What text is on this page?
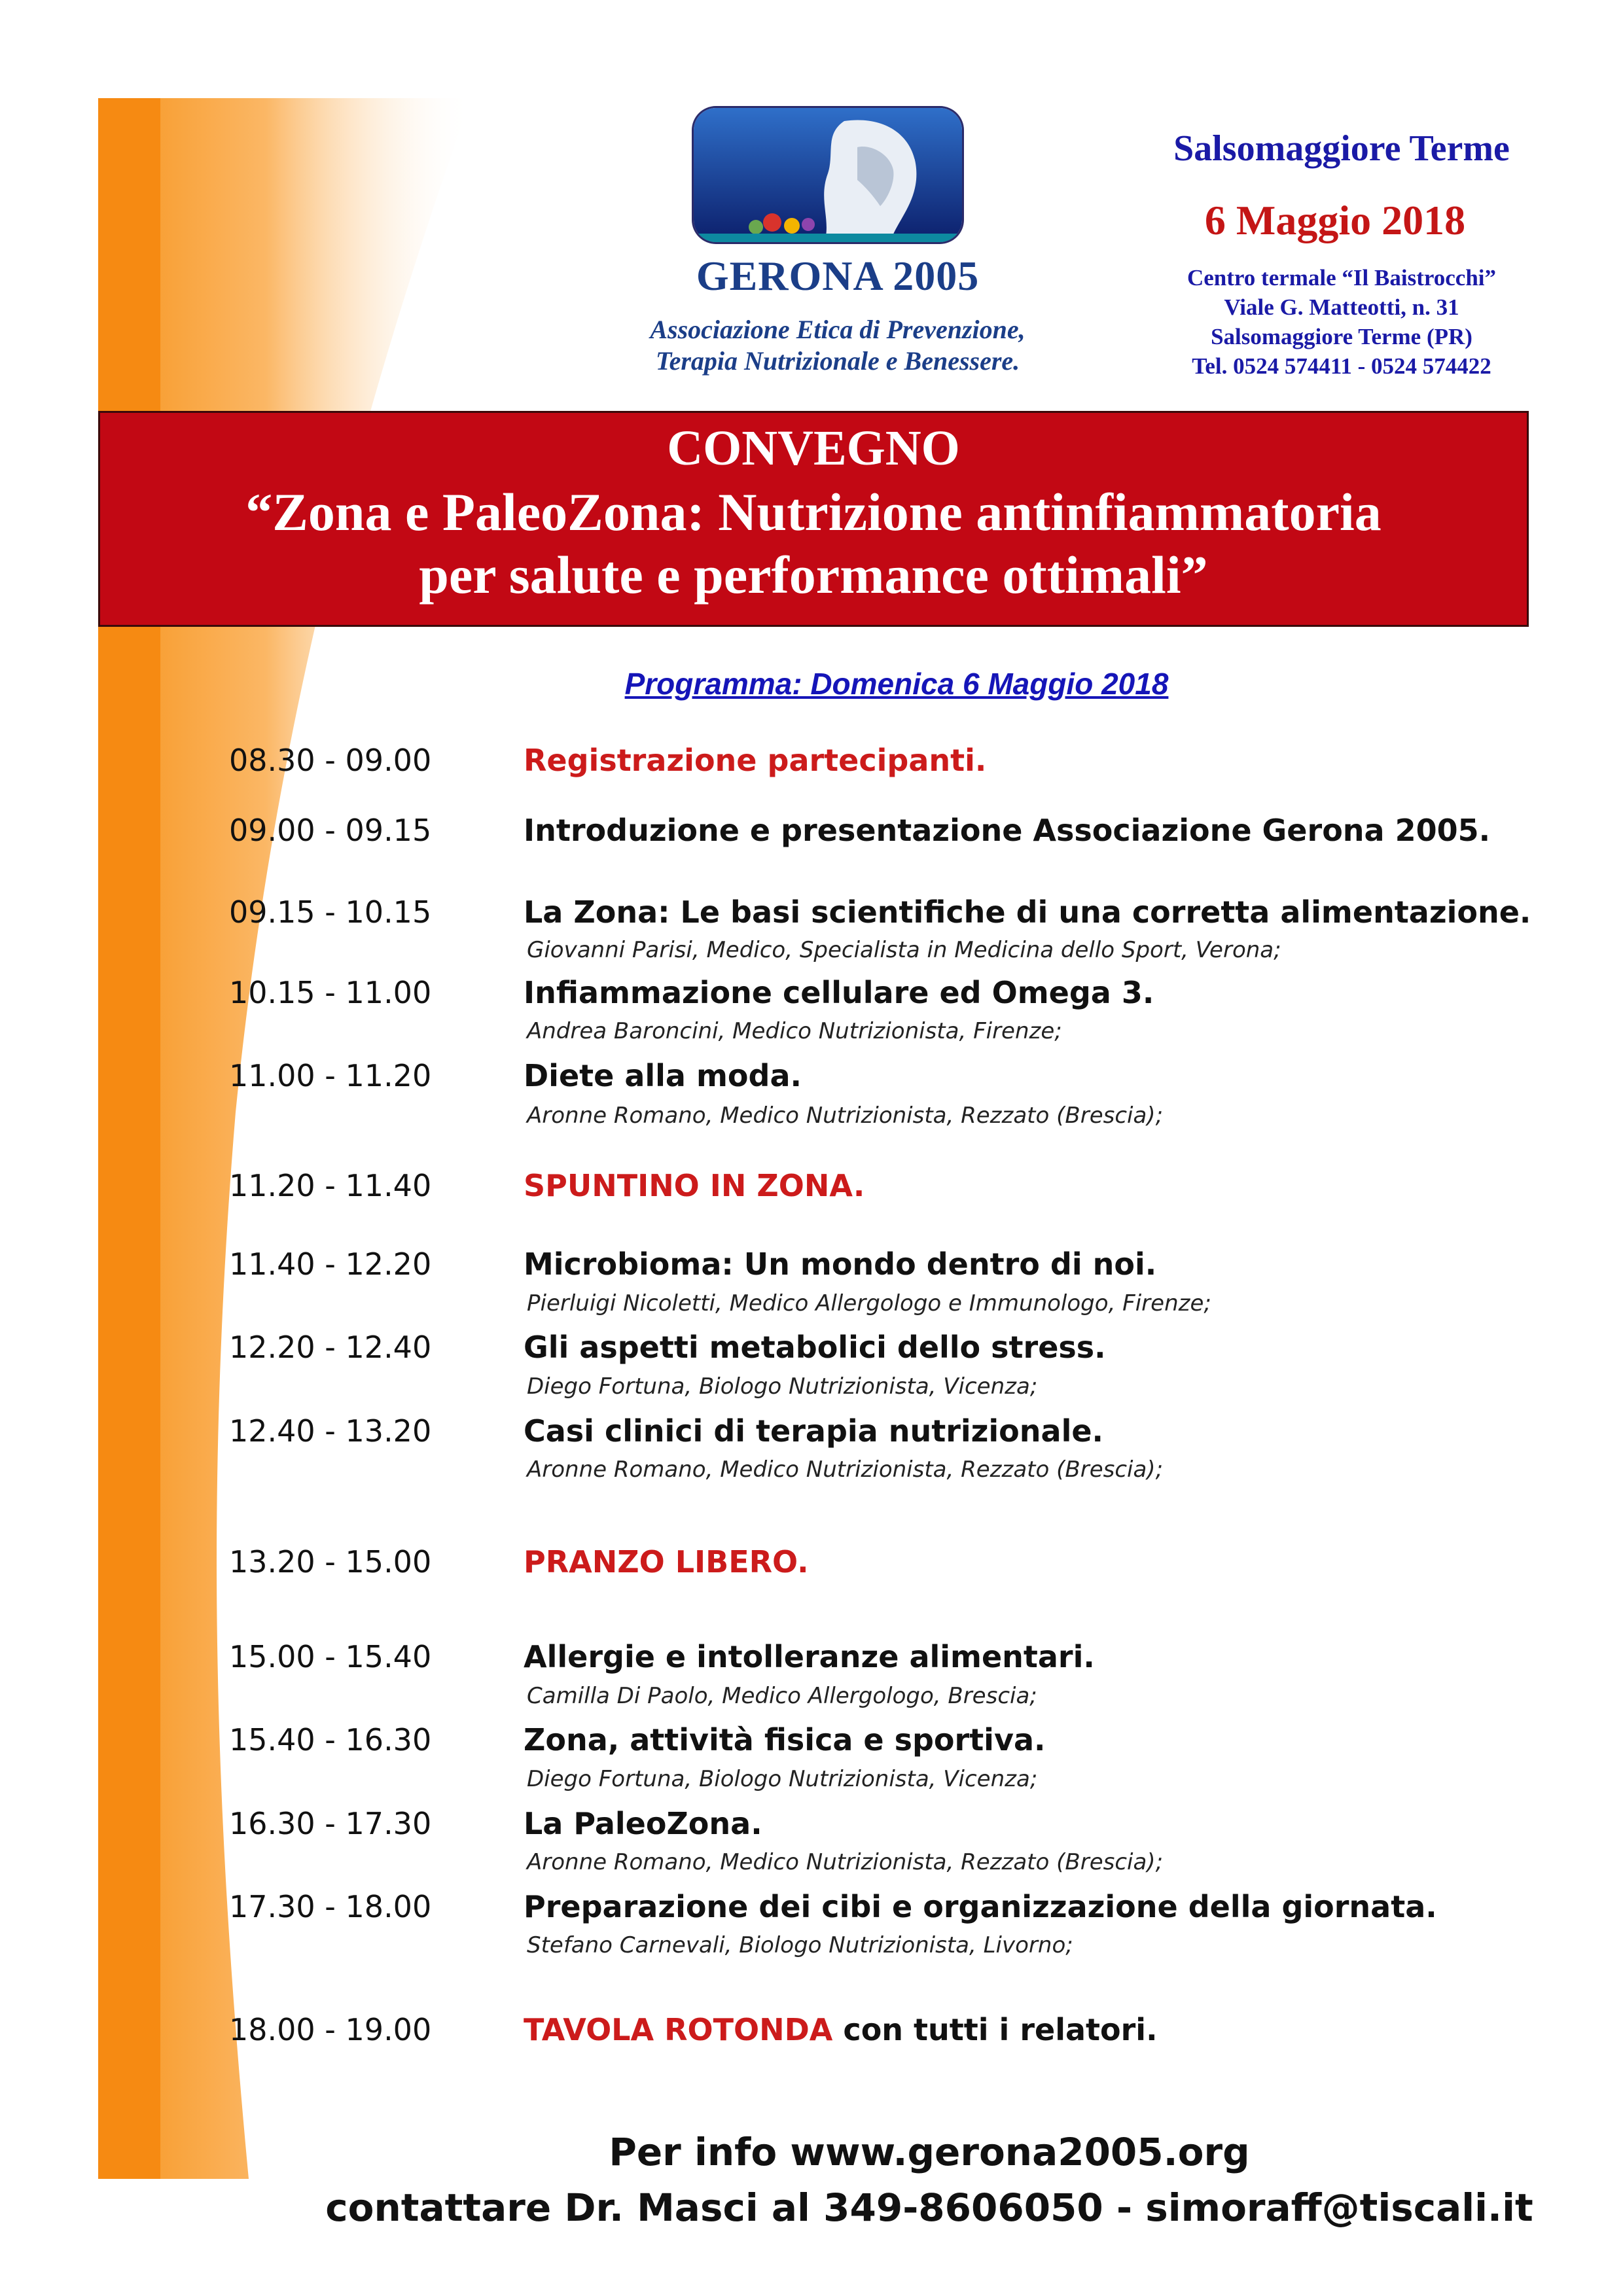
GERONA 2005
Associazione Etica di Prevenzione,
Terapia Nutrizionale e Benessere.
Salsomaggiore Terme
6 Maggio 2018
Centro termale “Il Baistrocchi”
Viale G. Matteotti, n. 31
Salsomaggiore Terme (PR)
Tel. 0524 574411 - 0524 574422
CONVEGNO
“Zona e PaleoZona: Nutrizione antinfiammatoria
per salute e performance ottimali”
Programma: Domenica 6 Maggio 2018
08.30 - 09.00	Registrazione partecipanti.
09.00 - 09.15	Introduzione e presentazione Associazione Gerona 2005.
09.15 - 10.15	La Zona: Le basi scientifiche di una corretta alimentazione.
Giovanni Parisi, Medico, Specialista in Medicina dello Sport, Verona;
10.15 - 11.00	Infiammazione cellulare ed Omega 3.
Andrea Baroncini, Medico Nutrizionista, Firenze;
11.00 - 11.20	Diete alla moda.
Aronne Romano, Medico Nutrizionista, Rezzato (Brescia);
11.20 - 11.40	SPUNTINO IN ZONA.
11.40 - 12.20	Microbioma: Un mondo dentro di noi.
Pierluigi Nicoletti, Medico Allergologo e Immunologo, Firenze;
12.20 - 12.40	Gli aspetti metabolici dello stress.
Diego Fortuna, Biologo Nutrizionista, Vicenza;
12.40 - 13.20	Casi clinici di terapia nutrizionale.
Aronne Romano, Medico Nutrizionista, Rezzato (Brescia);
13.20 - 15.00	PRANZO LIBERO.
15.00 - 15.40	Allergie e intolleranze alimentari.
Camilla Di Paolo, Medico Allergologo, Brescia;
15.40 - 16.30	Zona, attività fisica e sportiva.
Diego Fortuna, Biologo Nutrizionista, Vicenza;
16.30 - 17.30	La PaleoZona.
Aronne Romano, Medico Nutrizionista, Rezzato (Brescia);
17.30 - 18.00	Preparazione dei cibi e organizzazione della giornata.
Stefano Carnevali, Biologo Nutrizionista, Livorno;
18.00 - 19.00	TAVOLA ROTONDA con tutti i relatori.
Per info www.gerona2005.org
contattare Dr. Masci al 349-8606050 - simoraff@tiscali.it
